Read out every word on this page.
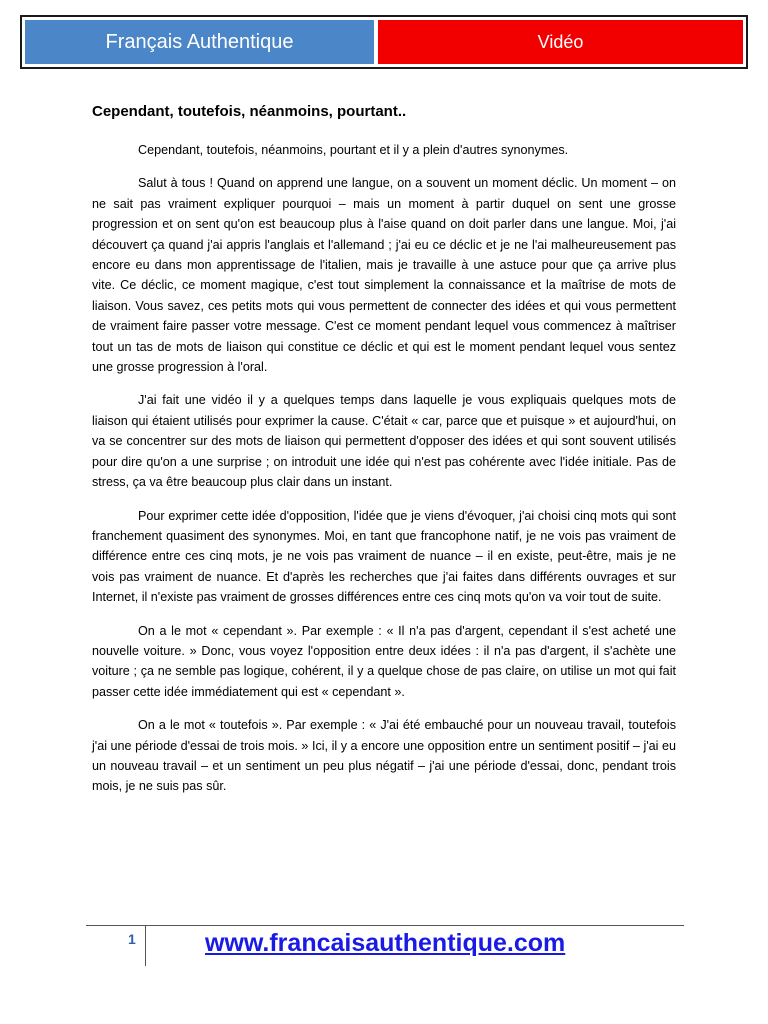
Français Authentique	Vidéo
Cependant, toutefois, néanmoins, pourtant..

Cependant, toutefois, néanmoins, pourtant et il y a plein d'autres synonymes.

Salut à tous ! Quand on apprend une langue, on a souvent un moment déclic. Un moment – on ne sait pas vraiment expliquer pourquoi – mais un moment à partir duquel on sent une grosse progression et on sent qu'on est beaucoup plus à l'aise quand on doit parler dans une langue. Moi, j'ai découvert ça quand j'ai appris l'anglais et l'allemand ; j'ai eu ce déclic et je ne l'ai malheureusement pas encore eu dans mon apprentissage de l'italien, mais je travaille à une astuce pour que ça arrive plus vite. Ce déclic, ce moment magique, c'est tout simplement la connaissance et la maîtrise de mots de liaison. Vous savez, ces petits mots qui vous permettent de connecter des idées et qui vous permettent de vraiment faire passer votre message. C'est ce moment pendant lequel vous commencez à maîtriser tout un tas de mots de liaison qui constitue ce déclic et qui est le moment pendant lequel vous sentez une grosse progression à l'oral.

J'ai fait une vidéo il y a quelques temps dans laquelle je vous expliquais quelques mots de liaison qui étaient utilisés pour exprimer la cause. C'était « car, parce que et puisque » et aujourd'hui, on va se concentrer sur des mots de liaison qui permettent d'opposer des idées et qui sont souvent utilisés pour dire qu'on a une surprise ; on introduit une idée qui n'est pas cohérente avec l'idée initiale. Pas de stress, ça va être beaucoup plus clair dans un instant.

Pour exprimer cette idée d'opposition, l'idée que je viens d'évoquer, j'ai choisi cinq mots qui sont franchement quasiment des synonymes. Moi, en tant que francophone natif, je ne vois pas vraiment de différence entre ces cinq mots, je ne vois pas vraiment de nuance – il en existe, peut-être, mais je ne vois pas vraiment de nuance. Et d'après les recherches que j'ai faites dans différents ouvrages et sur Internet, il n'existe pas vraiment de grosses différences entre ces cinq mots qu'on va voir tout de suite.

On a le mot « cependant ». Par exemple : « Il n'a pas d'argent, cependant il s'est acheté une nouvelle voiture. » Donc, vous voyez l'opposition entre deux idées : il n'a pas d'argent, il s'achète une voiture ; ça ne semble pas logique, cohérent, il y a quelque chose de pas claire, on utilise un mot qui fait passer cette idée immédiatement qui est « cependant ».

On a le mot « toutefois ». Par exemple : « J'ai été embauché pour un nouveau travail, toutefois j'ai une période d'essai de trois mois. » Ici, il y a encore une opposition entre un sentiment positif – j'ai eu un nouveau travail – et un sentiment un peu plus négatif – j'ai une période d'essai, donc, pendant trois mois, je ne suis pas sûr.

1	www.francaisauthentique.com
